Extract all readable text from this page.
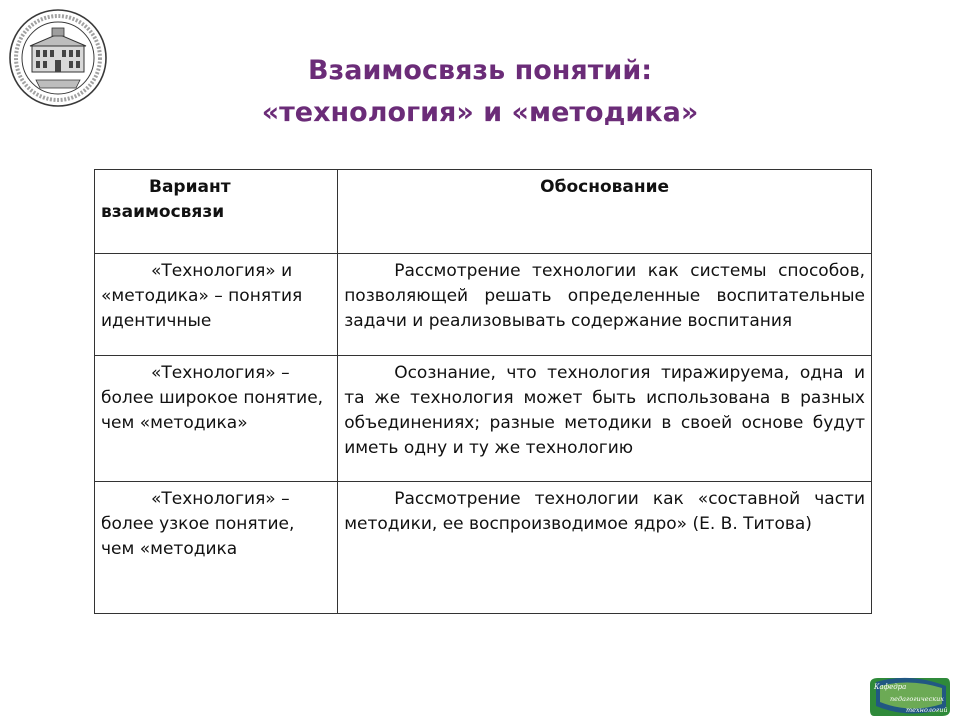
Взаимосвязь понятий:
«технология» и «методика»
Вариант взаимосвязи	Обоснование

«Технология» и «методика» – понятия идентичные	Рассмотрение технологии как системы способов, позволяющей решать определенные воспитательные задачи и реализовывать содержание воспитания

«Технология» – более широкое понятие, чем «методика»	Осознание, что технология тиражируема, одна и та же технология может быть использована в разных объединениях; разные методики в своей основе будут иметь одну и ту же технологию

«Технология» – более узкое понятие, чем «методика	Рассмотрение технологии как «составной части методики, ее воспроизводимое ядро» (Е. В. Титова)
Кафедра
педагогических
технологий
